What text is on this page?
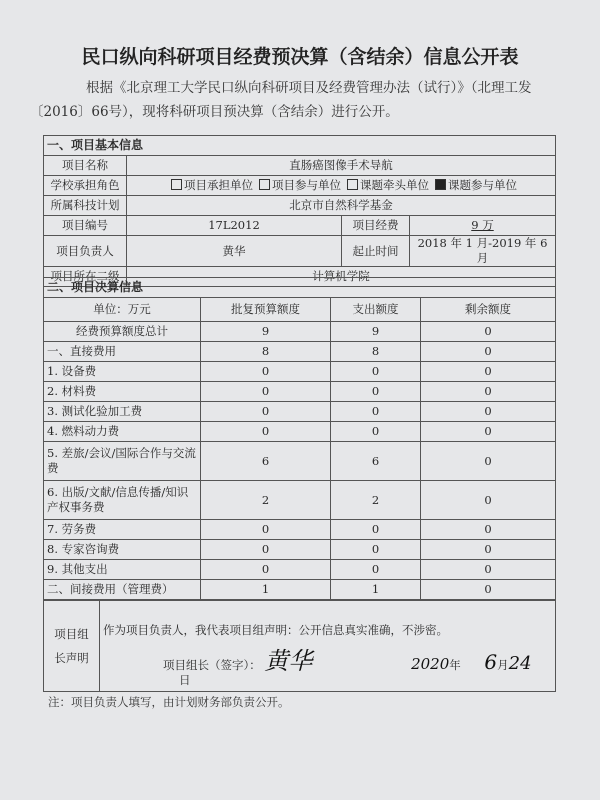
民口纵向科研项目经费预决算（含结余）信息公开表
根据《北京理工大学民口纵向科研项目及经费管理办法（试行）》（北理工发
〔2016〕66号），现将科研项目预决算（含结余）进行公开。
一、项目基本信息			
项目名称	直肠癌图像手术导航		
学校承担角色	项目承担单位 项目参与单位 课题牵头单位 课题参与单位		
所属科技计划	北京市自然科学基金		
项目编号	17L2012	项目经费	9 万
项目负责人	黄华	起止时间	2018 年 1 月-2019 年 6 月
项目所在二级	计算机学院		
二、项目决算信息			
单位：万元	批复预算额度	支出额度	剩余额度
经费预算额度总计	9	9	0
一、直接费用	8	8	0
1. 设备费	0	0	0
2. 材料费	0	0	0
3. 测试化验加工费	0	0	0
4. 燃料动力费	0	0	0
5. 差旅/会议/国际合作与交流费	6	6	0
6. 出版/文献/信息传播/知识产权事务费	2	2	0
7. 劳务费	0	0	0
8. 专家咨询费	0	0	0
9. 其他支出	0	0	0
二、间接费用（管理费）	1	1	0
项目组长声明	
作为项目负责人，我代表项目组声明：公开信息真实准确，不涉密。
项目组长（签字）： 黄华	2020年 6月24 日
注：项目负责人填写，由计划财务部负责公开。
